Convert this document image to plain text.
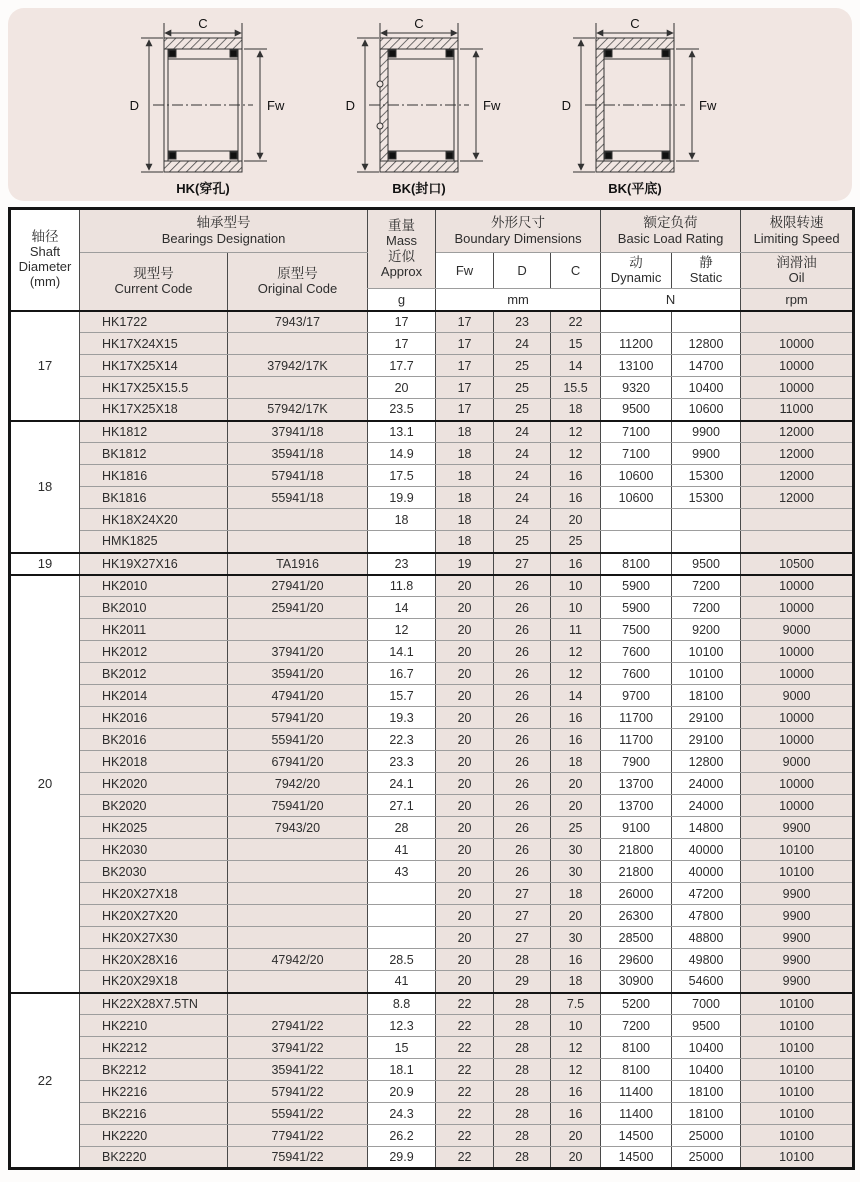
C
D	Fw
HK(穿孔)
C
D	Fw
BK(封口)
C
D	Fw
BK(平底)
轴径
Shaft
Diameter
(mm)	轴承型号
Bearings Designation		重量
Mass
近似
Approx	外形尺寸
Boundary Dimensions			额定负荷
Basic Load Rating		极限转速
Limiting Speed

	现型号
Current Code	原型号
Original Code		Fw	D	C	动
Dynamic	静
Static	润滑油
Oil

			g	mm			N		rpm
17	HK1722	7943/17	17	17	23	22			
	HK17X24X15		17	17	24	15	11200	12800	10000
	HK17X25X14	37942/17K	17.7	17	25	14	13100	14700	10000
	HK17X25X15.5		20	17	25	15.5	9320	10400	10000
	HK17X25X18	57942/17K	23.5	17	25	18	9500	10600	11000
18	HK1812	37941/18	13.1	18	24	12	7100	9900	12000
	BK1812	35941/18	14.9	18	24	12	7100	9900	12000
	HK1816	57941/18	17.5	18	24	16	10600	15300	12000
	BK1816	55941/18	19.9	18	24	16	10600	15300	12000
	HK18X24X20		18	18	24	20			
	HMK1825			18	25	25			
19	HK19X27X16	TA1916	23	19	27	16	8100	9500	10500
20	HK2010	27941/20	11.8	20	26	10	5900	7200	10000
	BK2010	25941/20	14	20	26	10	5900	7200	10000
	HK2011		12	20	26	11	7500	9200	9000
	HK2012	37941/20	14.1	20	26	12	7600	10100	10000
	BK2012	35941/20	16.7	20	26	12	7600	10100	10000
	HK2014	47941/20	15.7	20	26	14	9700	18100	9000
	HK2016	57941/20	19.3	20	26	16	11700	29100	10000
	BK2016	55941/20	22.3	20	26	16	11700	29100	10000
	HK2018	67941/20	23.3	20	26	18	7900	12800	9000
	HK2020	7942/20	24.1	20	26	20	13700	24000	10000
	BK2020	75941/20	27.1	20	26	20	13700	24000	10000
	HK2025	7943/20	28	20	26	25	9100	14800	9900
	HK2030		41	20	26	30	21800	40000	10100
	BK2030		43	20	26	30	21800	40000	10100
	HK20X27X18			20	27	18	26000	47200	9900
	HK20X27X20			20	27	20	26300	47800	9900
	HK20X27X30			20	27	30	28500	48800	9900
	HK20X28X16	47942/20	28.5	20	28	16	29600	49800	9900
	HK20X29X18		41	20	29	18	30900	54600	9900
22	HK22X28X7.5TN		8.8	22	28	7.5	5200	7000	10100
	HK2210	27941/22	12.3	22	28	10	7200	9500	10100
	HK2212	37941/22	15	22	28	12	8100	10400	10100
	BK2212	35941/22	18.1	22	28	12	8100	10400	10100
	HK2216	57941/22	20.9	22	28	16	11400	18100	10100
	BK2216	55941/22	24.3	22	28	16	11400	18100	10100
	HK2220	77941/22	26.2	22	28	20	14500	25000	10100
	BK2220	75941/22	29.9	22	28	20	14500	25000	10100
